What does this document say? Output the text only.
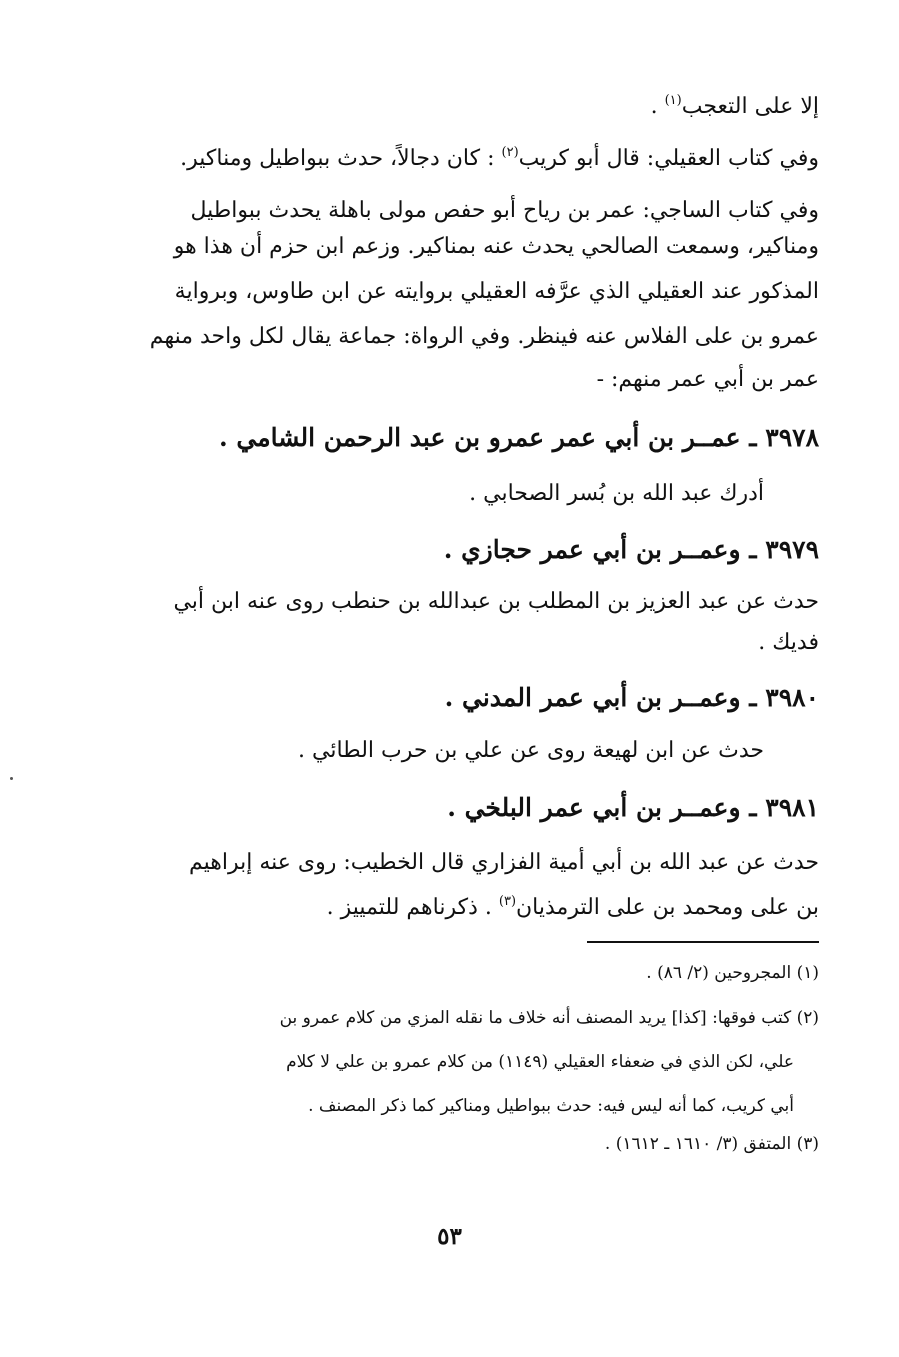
إلا على التعجب$^{(١)}$ .
وفي كتاب العقيلي: قال أبو كريب$^{(٢)}$ : كان دجالاً، حدث ببواطيل ومناكير.
وفي كتاب الساجي: عمر بن رياح أبو حفص مولى باهلة يحدث ببواطيل
ومناكير، وسمعت الصالحي يحدث عنه بمناكير. وزعم ابن حزم أن هذا هو
المذكور عند العقيلي الذي عرَّفه العقيلي بروايته عن ابن طاوس، وبرواية
عمرو بن على الفلاس عنه فينظر. وفي الرواة: جماعة يقال لكل واحد منهم
عمر بن أبي عمر منهم: -
٣٩٧٨ ـ عمــر بن أبي عمر عمرو بن عبد الرحمن الشامي .
أدرك عبد الله بن بُسر الصحابي .
٣٩٧٩ ـ وعمــر بن أبي عمر حجازي .
حدث عن عبد العزيز بن المطلب بن عبدالله بن حنطب روى عنه ابن أبي
فديك .
٣٩٨٠ ـ وعمــر بن أبي عمر المدني .
حدث عن ابن لهيعة روى عن علي بن حرب الطائي .
٣٩٨١ ـ وعمــر بن أبي عمر البلخي .
حدث عن عبد الله بن أبي أمية الفزاري قال الخطيب: روى عنه إبراهيم
بن على ومحمد بن على الترمذيان$^{(٣)}$ . ذكرناهم للتمييز .
(١) المجروحين (٢/ ٨٦) .
(٢) كتب فوقها: [كذا] يريد المصنف أنه خلاف ما نقله المزي من كلام عمرو بن
علي، لكن الذي في ضعفاء العقيلي (١١٤٩) من كلام عمرو بن علي لا كلام
أبي كريب، كما أنه ليس فيه: حدث ببواطيل ومناكير كما ذكر المصنف .
(٣) المتفق (٣/ ١٦١٠ ـ ١٦١٢) .
٥٣
